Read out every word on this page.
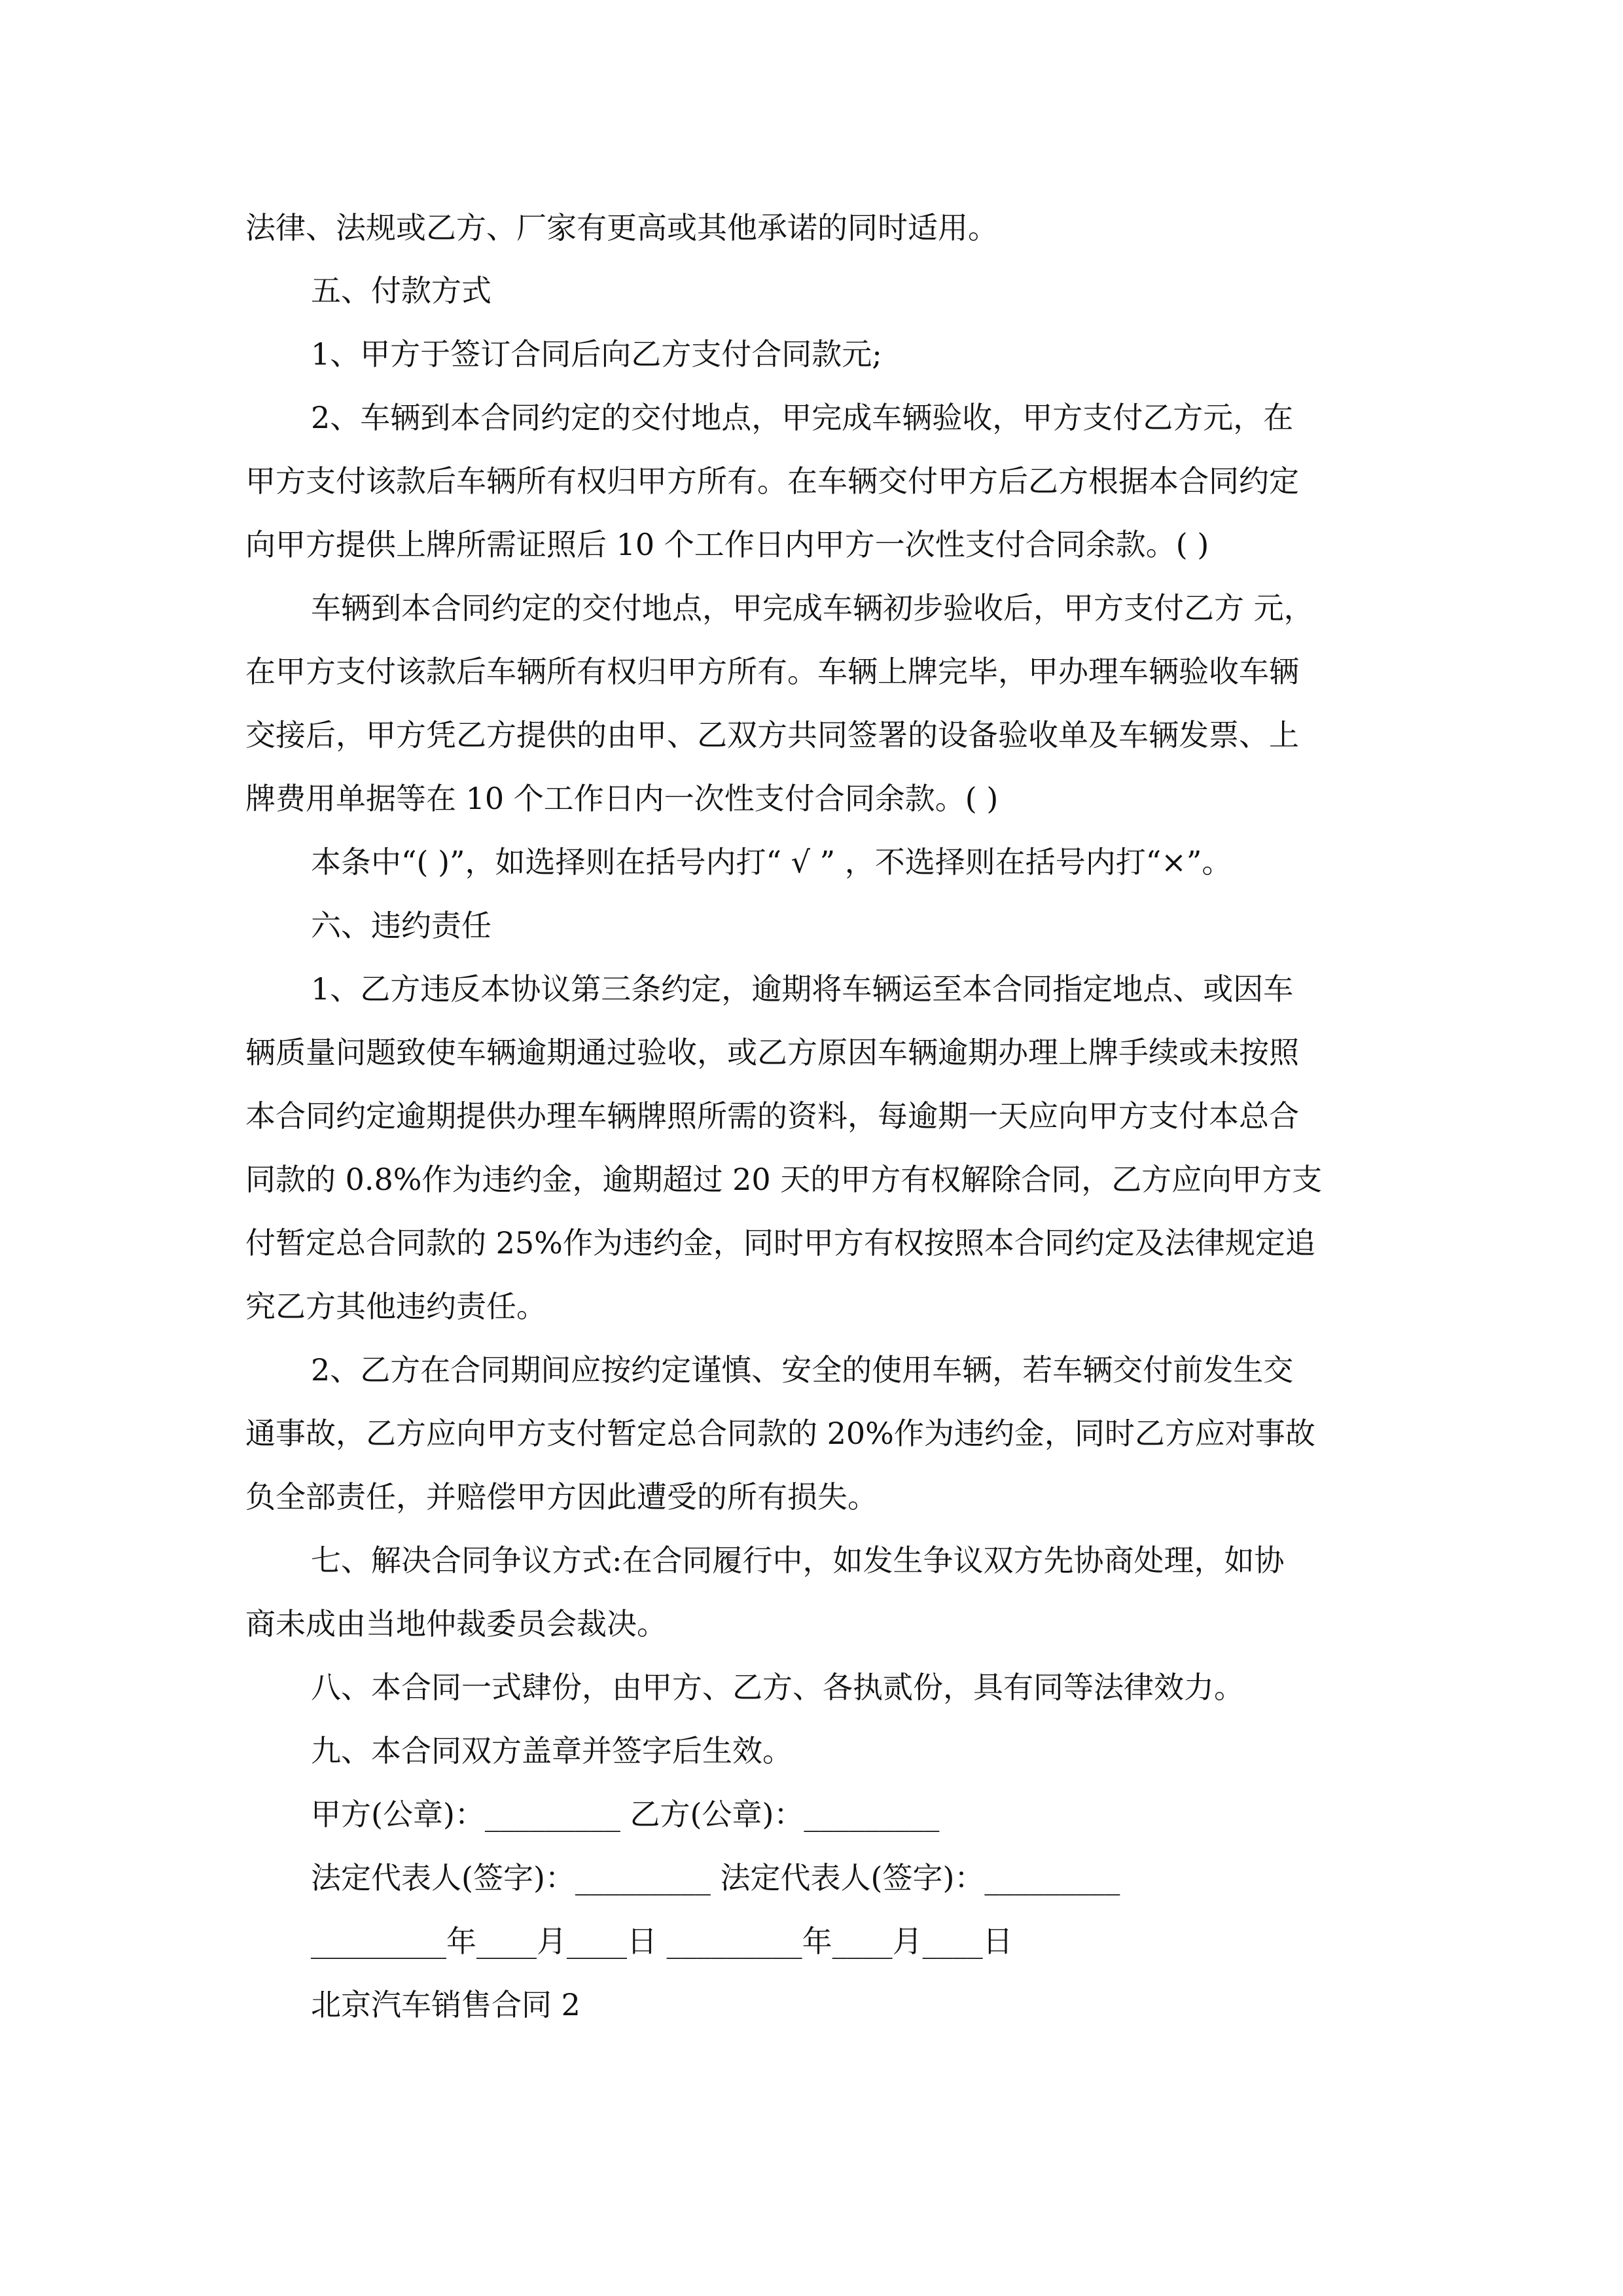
法律、法规或乙方、厂家有更高或其他承诺的同时适用。
五、付款方式
1、甲方于签订合同后向乙方支付合同款元;
2、车辆到本合同约定的交付地点，甲完成车辆验收，甲方支付乙方元，在
甲方支付该款后车辆所有权归甲方所有。在车辆交付甲方后乙方根据本合同约定
向甲方提供上牌所需证照后 10 个工作日内甲方一次性支付合同余款。( )
车辆到本合同约定的交付地点，甲完成车辆初步验收后，甲方支付乙方 元，
在甲方支付该款后车辆所有权归甲方所有。车辆上牌完毕，甲办理车辆验收车辆
交接后，甲方凭乙方提供的由甲、乙双方共同签署的设备验收单及车辆发票、上
牌费用单据等在 10 个工作日内一次性支付合同余款。( )
本条中“( )”，如选择则在括号内打“ √ ” ，不选择则在括号内打“×”。
六、违约责任
1、乙方违反本协议第三条约定，逾期将车辆运至本合同指定地点、或因车
辆质量问题致使车辆逾期通过验收，或乙方原因车辆逾期办理上牌手续或未按照
本合同约定逾期提供办理车辆牌照所需的资料，每逾期一天应向甲方支付本总合
同款的 0.8%作为违约金，逾期超过 20 天的甲方有权解除合同，乙方应向甲方支
付暂定总合同款的 25%作为违约金，同时甲方有权按照本合同约定及法律规定追
究乙方其他违约责任。
2、乙方在合同期间应按约定谨慎、安全的使用车辆，若车辆交付前发生交
通事故，乙方应向甲方支付暂定总合同款的 20%作为违约金，同时乙方应对事故
负全部责任，并赔偿甲方因此遭受的所有损失。
七、解决合同争议方式:在合同履行中，如发生争议双方先协商处理，如协
商未成由当地仲裁委员会裁决。
八、本合同一式肆份，由甲方、乙方、各执贰份，具有同等法律效力。
九、本合同双方盖章并签字后生效。
甲方(公章)：_________ 乙方(公章)：_________
法定代表人(签字)：_________ 法定代表人(签字)：_________
_________年____月____日 _________年____月____日
北京汽车销售合同 2
